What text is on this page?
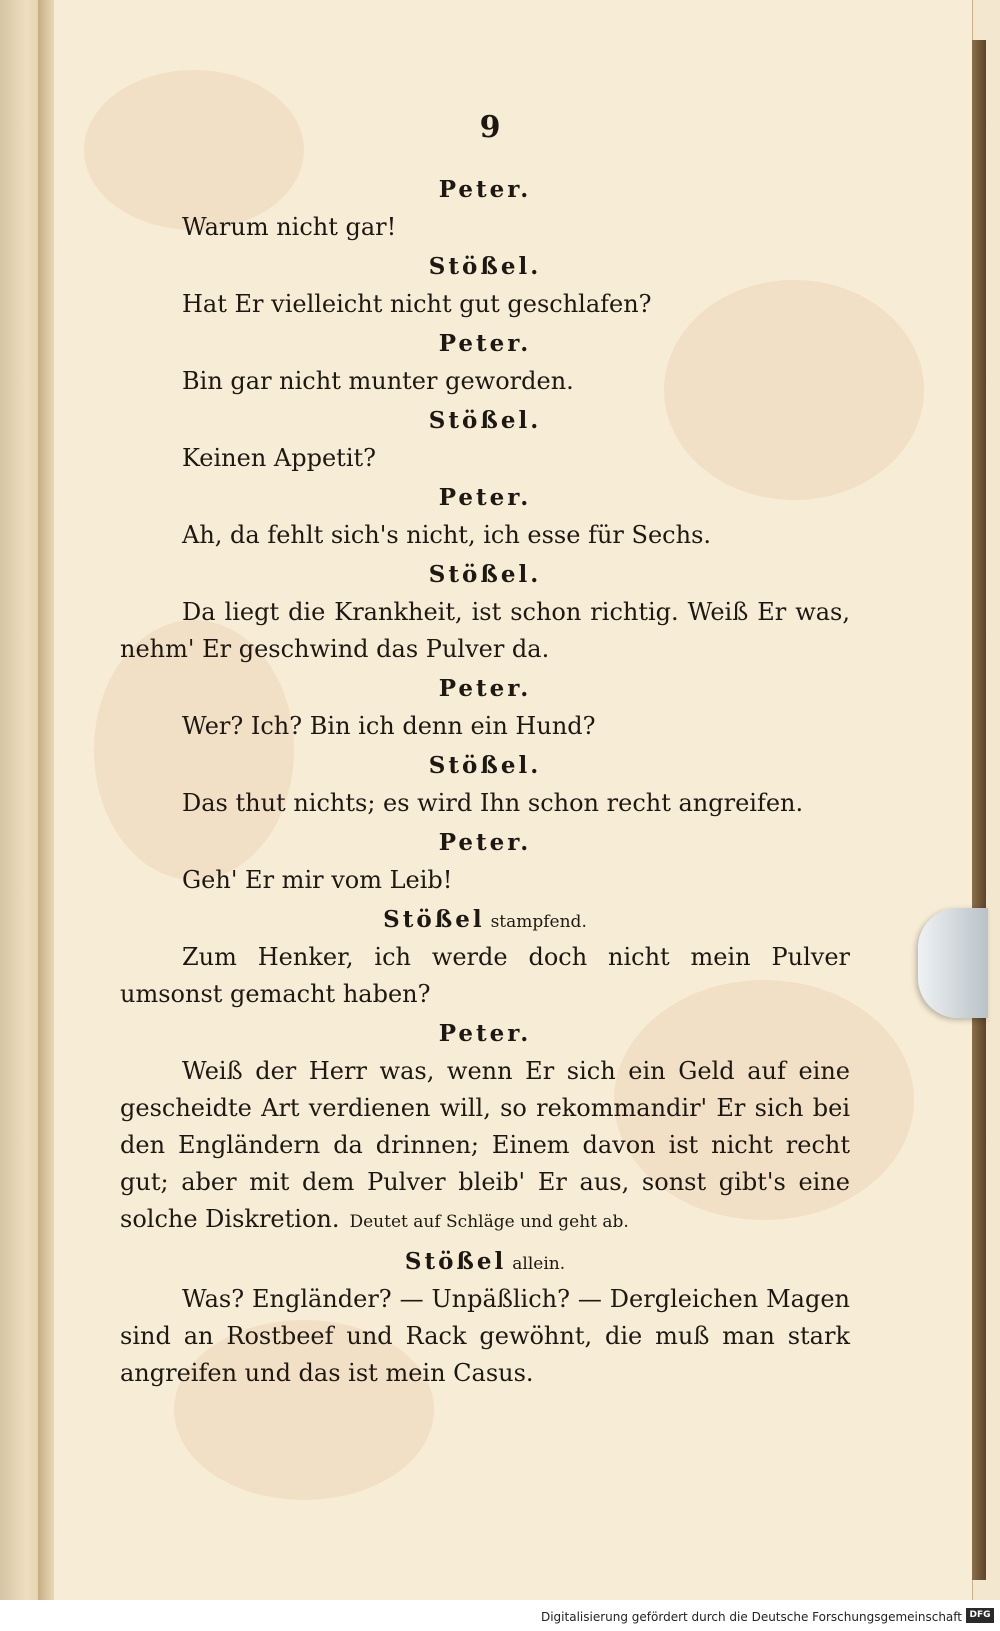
9
Peter.
Warum nicht gar!
Stößel.
Hat Er vielleicht nicht gut geschlafen?
Peter.
Bin gar nicht munter geworden.
Stößel.
Keinen Appetit?
Peter.
Ah, da fehlt sich's nicht, ich esse für Sechs.
Stößel.
Da liegt die Krankheit, ist schon richtig. Weiß Er was, nehm' Er geschwind das Pulver da.
Peter.
Wer? Ich? Bin ich denn ein Hund?
Stößel.
Das thut nichts; es wird Ihn schon recht angreifen.
Peter.
Geh' Er mir vom Leib!
Stößel stampfend.
Zum Henker, ich werde doch nicht mein Pulver umsonst gemacht haben?
Peter.
Weiß der Herr was, wenn Er sich ein Geld auf eine gescheidte Art verdienen will, so rekommandir' Er sich bei den Engländern da drinnen; Einem davon ist nicht recht gut; aber mit dem Pulver bleib' Er aus, sonst gibt's eine solche Diskretion. Deutet auf Schläge und geht ab.
Stößel allein.
Was? Engländer? — Unpäßlich? — Dergleichen Magen sind an Rostbeef und Rack gewöhnt, die muß man stark angreifen und das ist mein Casus.
Digitalisierung gefördert durch die Deutsche Forschungsgemeinschaft DFG
